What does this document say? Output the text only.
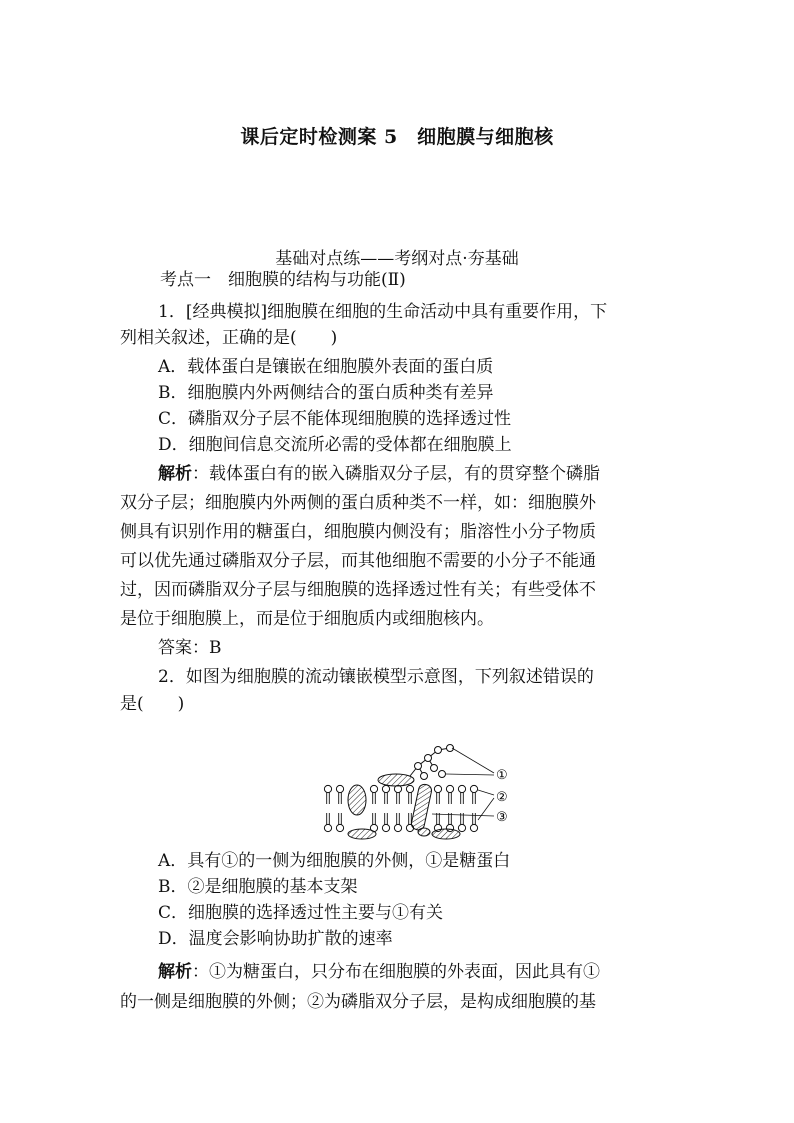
课后定时检测案 5　细胞膜与细胞核
基础对点练——考纲对点·夯基础
考点一　细胞膜的结构与功能(Ⅱ)
1．[经典模拟]细胞膜在细胞的生命活动中具有重要作用，下
列相关叙述，正确的是(　　)
A．载体蛋白是镶嵌在细胞膜外表面的蛋白质
B．细胞膜内外两侧结合的蛋白质种类有差异
C．磷脂双分子层不能体现细胞膜的选择透过性
D．细胞间信息交流所必需的受体都在细胞膜上
解析：载体蛋白有的嵌入磷脂双分子层，有的贯穿整个磷脂
双分子层；细胞膜内外两侧的蛋白质种类不一样，如：细胞膜外
侧具有识别作用的糖蛋白，细胞膜内侧没有；脂溶性小分子物质
可以优先通过磷脂双分子层，而其他细胞不需要的小分子不能通
过，因而磷脂双分子层与细胞膜的选择透过性有关；有些受体不
是位于细胞膜上，而是位于细胞质内或细胞核内。
答案：B
2．如图为细胞膜的流动镶嵌模型示意图，下列叙述错误的
是(　　)
①
②
③
A．具有①的一侧为细胞膜的外侧，①是糖蛋白
B．②是细胞膜的基本支架
C．细胞膜的选择透过性主要与①有关
D．温度会影响协助扩散的速率
解析：①为糖蛋白，只分布在细胞膜的外表面，因此具有①
的一侧是细胞膜的外侧；②为磷脂双分子层，是构成细胞膜的基
